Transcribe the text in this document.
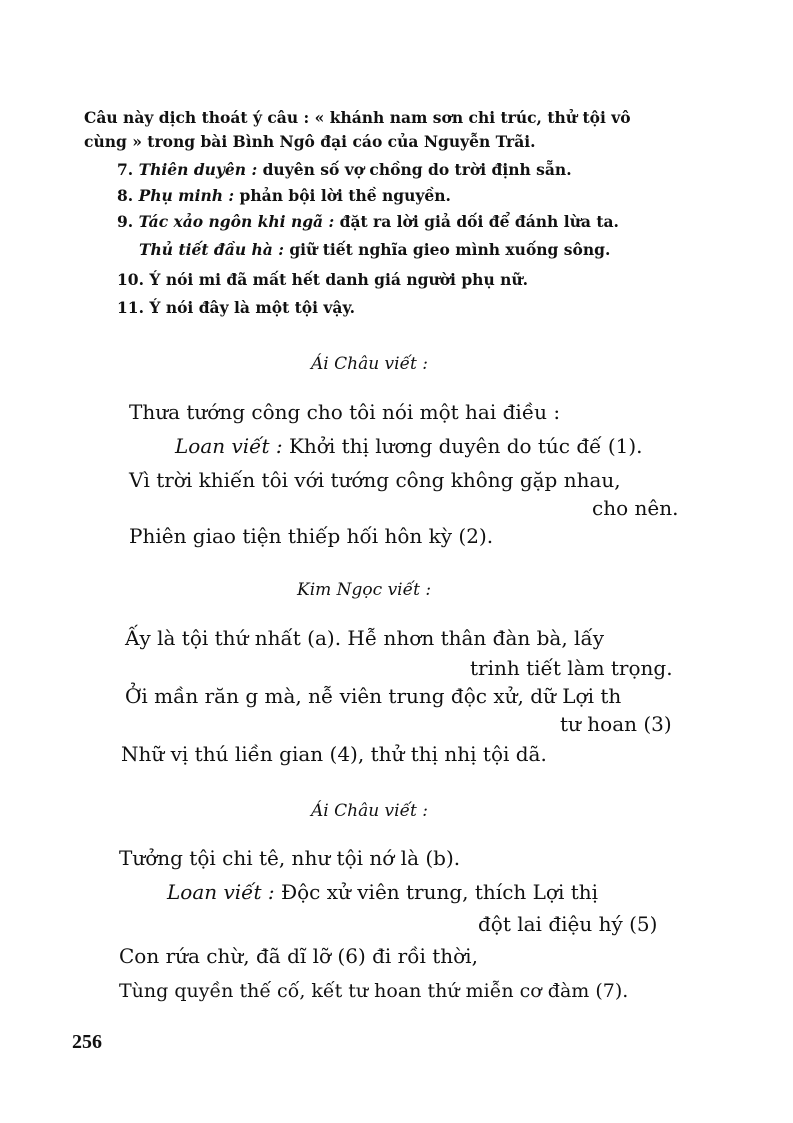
Câu này dịch thoát ý câu : « khánh nam sơn chi trúc, thử tội vô
cùng » trong bài Bình Ngô đại cáo của Nguyễn Trãi.
7. Thiên duyên : duyên số vợ chồng do trời định sẵn.
8. Phụ minh : phản bội lời thề nguyền.
9. Tác xảo ngôn khi ngã : đặt ra lời giả dối để đánh lừa ta.
Thủ tiết đầu hà : giữ tiết nghĩa gieo mình xuống sông.
10. Ý nói mi đã mất hết danh giá người phụ nữ.
11. Ý nói đây là một tội vậy.
Ái Châu viết :
Thưa tướng công cho tôi nói một hai điều :
Loan viết : Khởi thị lương duyên do túc đế (1).
Vì trời khiến tôi với tướng công không gặp nhau,
cho nên.
Phiên giao tiện thiếp hối hôn kỳ (2).
Kim Ngọc viết :
Ấy là tội thứ nhất (a). Hễ nhơn thân đàn bà, lấy
trinh tiết làm trọng.
Ởi mần răn g mà, nễ viên trung độc xử, dữ Lợi th
tư hoan (3)
Nhữ vị thú liền gian (4), thử thị nhị tội dã.
Ái Châu viết :
Tưởng tội chi tê, như tội nớ là (b).
Loan viết : Độc xử viên trung, thích Lợi thị
đột lai điệu hý (5)
Con rứa chừ, đã dĩ lỡ (6) đi rồi thời,
Tùng quyền thế cố, kết tư hoan thứ miễn cơ đàm (7).
256
